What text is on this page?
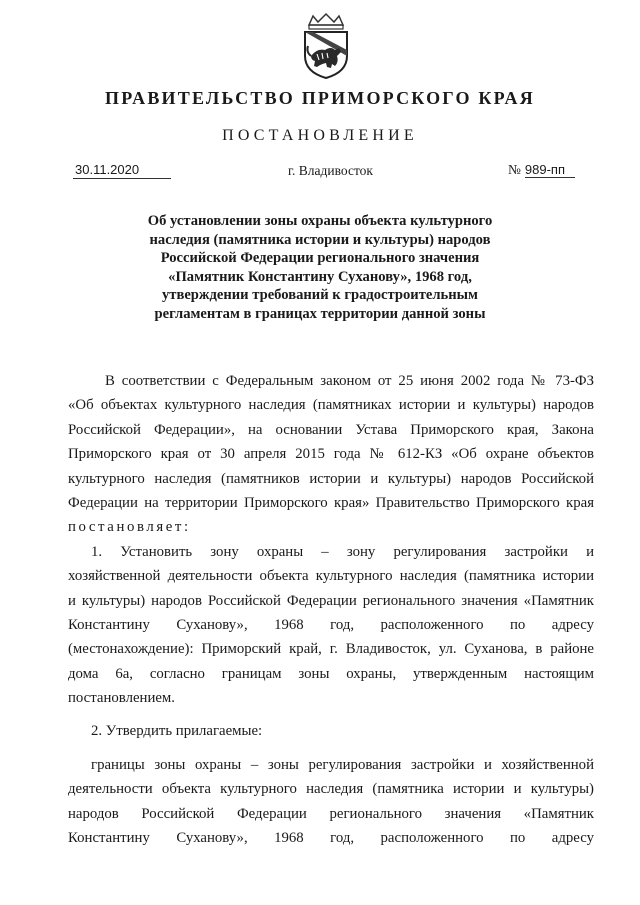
ПРАВИТЕЛЬСТВО ПРИМОРСКОГО КРАЯ
ПОСТАНОВЛЕНИЕ
30.11.2020	г. Владивосток	№ 989-пп
Об установлении зоны охраны объекта культурного
наследия (памятника истории и культуры) народов
Российской Федерации регионального значения
«Памятник Константину Суханову», 1968 год,
утверждении требований к градостроительным
регламентам в границах территории данной зоны
В соответствии с Федеральным законом от 25 июня 2002 года № 73-ФЗ
«Об объектах культурного наследия (памятниках истории и культуры) народов
Российской Федерации», на основании Устава Приморского края, Закона
Приморского края от 30 апреля 2015 года № 612-КЗ «Об охране объектов
культурного наследия (памятников истории и культуры) народов Российской
Федерации на территории Приморского края» Правительство Приморского края
постановляет:
1. Установить зону охраны – зону регулирования застройки и
хозяйственной деятельности объекта культурного наследия (памятника истории
и культуры) народов Российской Федерации регионального значения «Памятник
Константину Суханову», 1968 год, расположенного по адресу
(местонахождение): Приморский край, г. Владивосток, ул. Суханова, в районе
дома 6а, согласно границам зоны охраны, утвержденным настоящим
постановлением.
2. Утвердить прилагаемые:
границы зоны охраны – зоны регулирования застройки и хозяйственной
деятельности объекта культурного наследия (памятника истории и культуры)
народов Российской Федерации регионального значения «Памятник
Константину Суханову», 1968 год, расположенного по адресу
